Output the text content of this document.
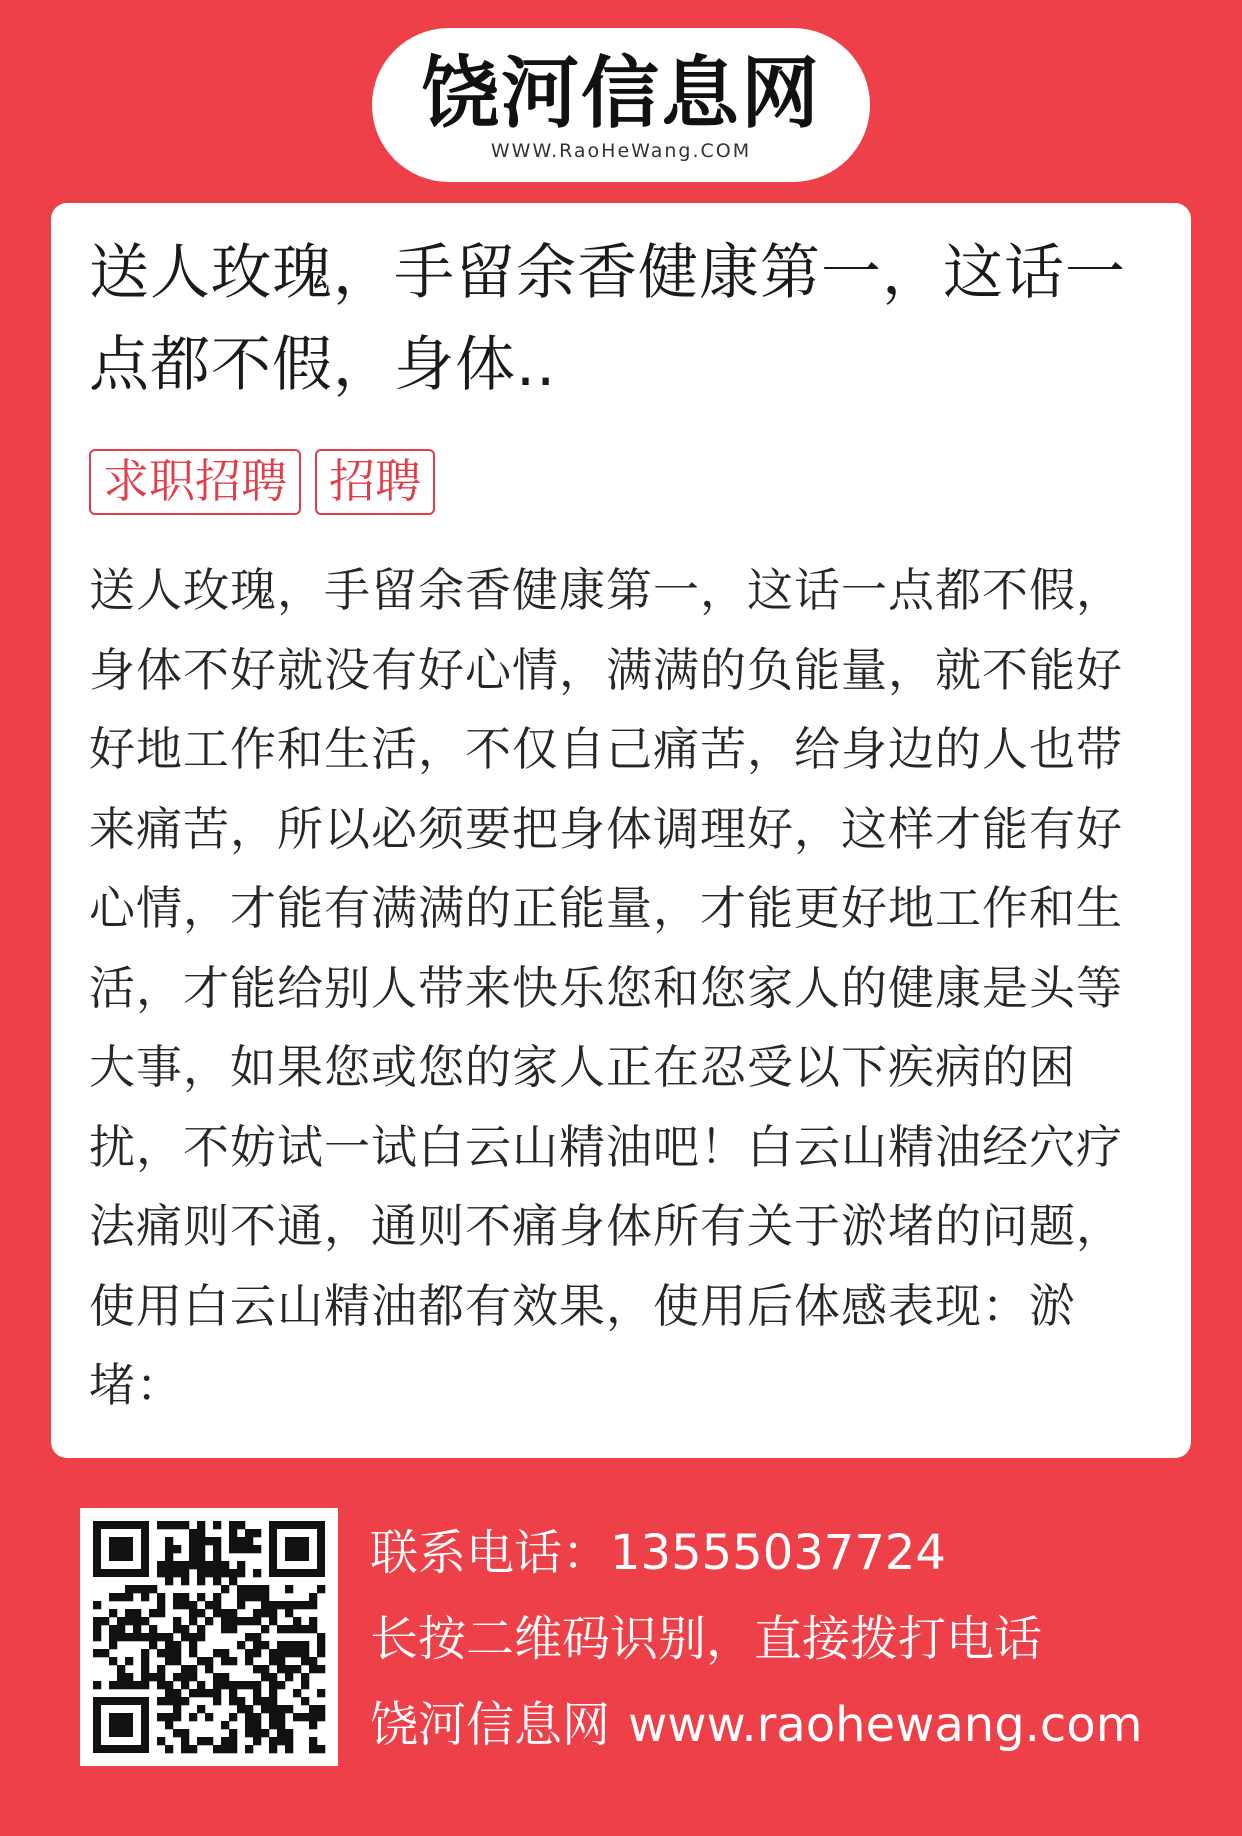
饶河信息网
WWW.RaoHeWang.COM
送人玫瑰，手留余香健康第一，这话一点都不假，身体..
求职招聘 招聘

送人玫瑰，手留余香健康第一，这话一点都不假，身体不好就没有好心情，满满的负能量，就不能好好地工作和生活，不仅自己痛苦，给身边的人也带来痛苦，所以必须要把身体调理好，这样才能有好心情，才能有满满的正能量，才能更好地工作和生活，才能给别人带来快乐您和您家人的健康是头等大事，如果您或您的家人正在忍受以下疾病的困扰，不妨试一试白云山精油吧！白云山精油经穴疗法痛则不通，通则不痛身体所有关于淤堵的问题，使用白云山精油都有效果，使用后体感表现：淤堵：

联系电话：13555037724
长按二维码识别，直接拨打电话
饶河信息网 www.raohewang.com
